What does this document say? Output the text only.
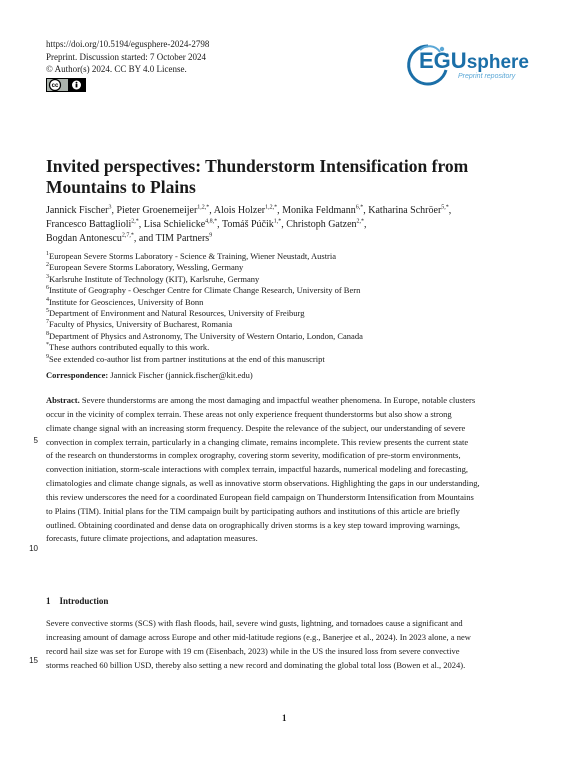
https://doi.org/10.5194/egusphere-2024-2798
Preprint. Discussion started: 7 October 2024
© Author(s) 2024. CC BY 4.0 License.
cc
EGUsphere
Preprint repository
Invited perspectives: Thunderstorm Intensification from Mountains to Plains
Jannick Fischer$^3$, Pieter Groenemeijer$^{1,2,*}$, Alois Holzer$^{1,2,*}$, Monika Feldmann$^{6,*}$, Katharina Schröer$^{5,*}$,
Francesco Battaglioli$^{2,*}$, Lisa Schielicke$^{4,8,*}$, Tomáš Púčik$^{1,*}$, Christoph Gatzen$^{2,*}$,
Bogdan Antonescu$^{2,7,*}$, and TIM Partners$^9$
$^1$European Severe Storms Laboratory - Science & Training, Wiener Neustadt, Austria
$^2$European Severe Storms Laboratory, Wessling, Germany
$^3$Karlsruhe Institute of Technology (KIT), Karlsruhe, Germany
$^6$Institute of Geography - Oeschger Centre for Climate Change Research, University of Bern
$^4$Institute for Geosciences, University of Bonn
$^5$Department of Environment and Natural Resources, University of Freiburg
$^7$Faculty of Physics, University of Bucharest, Romania
$^8$Department of Physics and Astronomy, The University of Western Ontario, London, Canada
*These authors contributed equally to this work.
$^9$See extended co-author list from partner institutions at the end of this manuscript
Correspondence: Jannick Fischer (jannick.fischer@kit.edu)
Abstract. Severe thunderstorms are among the most damaging and impactful weather phenomena. In Europe, notable clusters
occur in the vicinity of complex terrain. These areas not only experience frequent thunderstorms but also show a strong
climate change signal with an increasing storm frequency. Despite the relevance of the subject, our understanding of severe
convection in complex terrain, particularly in a changing climate, remains incomplete. This review presents the current state
of the research on thunderstorms in complex orography, covering storm severity, modification of pre-storm environments,
convection initiation, storm-scale interactions with complex terrain, impactful hazards, numerical modeling and forecasting,
climatologies and climate change signals, as well as innovative storm observations. Highlighting the gaps in our understanding,
this review underscores the need for a coordinated European field campaign on Thunderstorm Intensification from Mountains
to Plains (TIM). Initial plans for the TIM campaign built by participating authors and institutions of this article are briefly
outlined. Obtaining coordinated and dense data on orographically driven storms is a key step toward improving warnings,
forecasts, future climate projections, and adaptation measures.
5
10
15
1 Introduction
Severe convective storms (SCS) with flash floods, hail, severe wind gusts, lightning, and tornadoes cause a significant and
increasing amount of damage across Europe and other mid-latitude regions (e.g., Banerjee et al., 2024). In 2023 alone, a new
record hail size was set for Europe with 19 cm (Eisenbach, 2023) while in the US the insured loss from severe convective
storms reached 60 billion USD, thereby also setting a new record and dominating the global total loss (Bowen et al., 2024).
1
